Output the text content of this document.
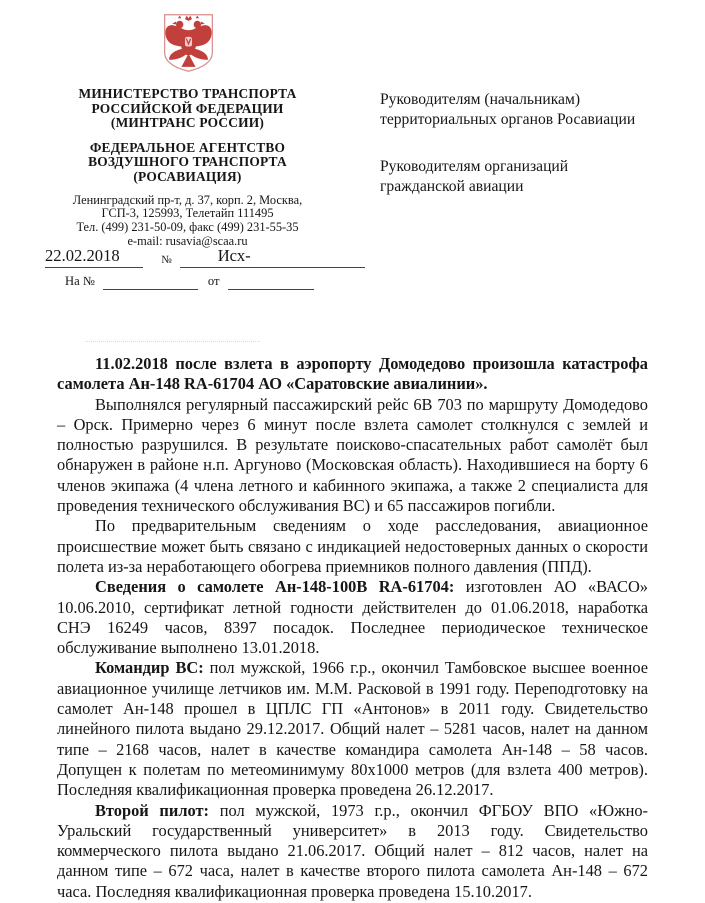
МИНИСТЕРСТВО ТРАНСПОРТА
РОССИЙСКОЙ ФЕДЕРАЦИИ
(МИНТРАНС РОССИИ)
ФЕДЕРАЛЬНОЕ АГЕНТСТВО
ВОЗДУШНОГО ТРАНСПОРТА
(РОСАВИАЦИЯ)
Ленинградский пр-т, д. 37, корп. 2, Москва,
ГСП-3, 125993, Телетайп 111495
Тел. (499) 231-50-09, факс (499) 231-55-35
e-mail: rusavia@scaa.ru
Руководителям (начальникам)
территориальных органов Росавиации
Руководителям организаций
гражданской авиации
22.02.2018	№	Исх-
На №	от

11.02.2018 после взлета в аэропорту Домодедово произошла катастрофа самолета Ан-148 RA-61704 АО «Саратовские авиалинии».

Выполнялся регулярный пассажирский рейс 6В 703 по маршруту Домодедово – Орск. Примерно через 6 минут после взлета самолет столкнулся с землей и полностью разрушился. В результате поисково-спасательных работ самолёт был обнаружен в районе н.п. Аргуново (Московская область). Находившиеся на борту 6 членов экипажа (4 члена летного и кабинного экипажа, а также 2 специалиста для проведения технического обслуживания ВС) и 65 пассажиров погибли.

По предварительным сведениям о ходе расследования, авиационное происшествие может быть связано с индикацией недостоверных данных о скорости полета из-за неработающего обогрева приемников полного давления (ППД).

Сведения о самолете Ан-148-100В RA-61704: изготовлен АО «ВАСО» 10.06.2010, сертификат летной годности действителен до 01.06.2018, наработка СНЭ 16249 часов, 8397 посадок. Последнее периодическое техническое обслуживание выполнено 13.01.2018.

Командир ВС: пол мужской, 1966 г.р., окончил Тамбовское высшее военное авиационное училище летчиков им. М.М. Расковой в 1991 году. Переподготовку на самолет Ан-148 прошел в ЦПЛС ГП «Антонов» в 2011 году. Свидетельство линейного пилота выдано 29.12.2017. Общий налет – 5281 часов, налет на данном типе – 2168 часов, налет в качестве командира самолета Ан-148 – 58 часов. Допущен к полетам по метеоминимуму 80х1000 метров (для взлета 400 метров). Последняя квалификационная проверка проведена 26.12.2017.

Второй пилот: пол мужской, 1973 г.р., окончил ФГБОУ ВПО «Южно-Уральский государственный университет» в 2013 году. Свидетельство коммерческого пилота выдано 21.06.2017. Общий налет – 812 часов, налет на данном типе – 672 часа, налет в качестве второго пилота самолета Ан-148 – 672 часа. Последняя квалификационная проверка проведена 15.10.2017.
